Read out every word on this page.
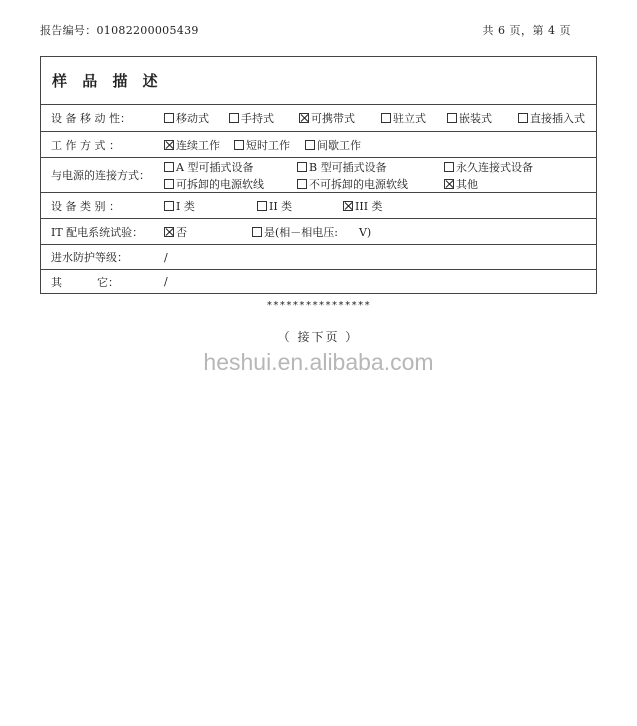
报告编号：01082200005439	共 6 页，第 4 页
样 品 描 述
设 备 移 动 性：	移动式	手持式	可携带式	驻立式	嵌装式	直接插入式
工 作 方 式 ：	连续工作 短时工作 间歇工作
与电源的连接方式：
A 型可插式设备	B 型可插式设备	永久连接式设备
可拆卸的电源软线	不可拆卸的电源软线	其他
设 备 类 别 ：	I 类	II 类	III 类
IT 配电系统试验：	否	是(相－相电压:      V)
进水防护等级：	/
其          它：	/
****************
（ 接下页 ）
heshui.en.alibaba.com
